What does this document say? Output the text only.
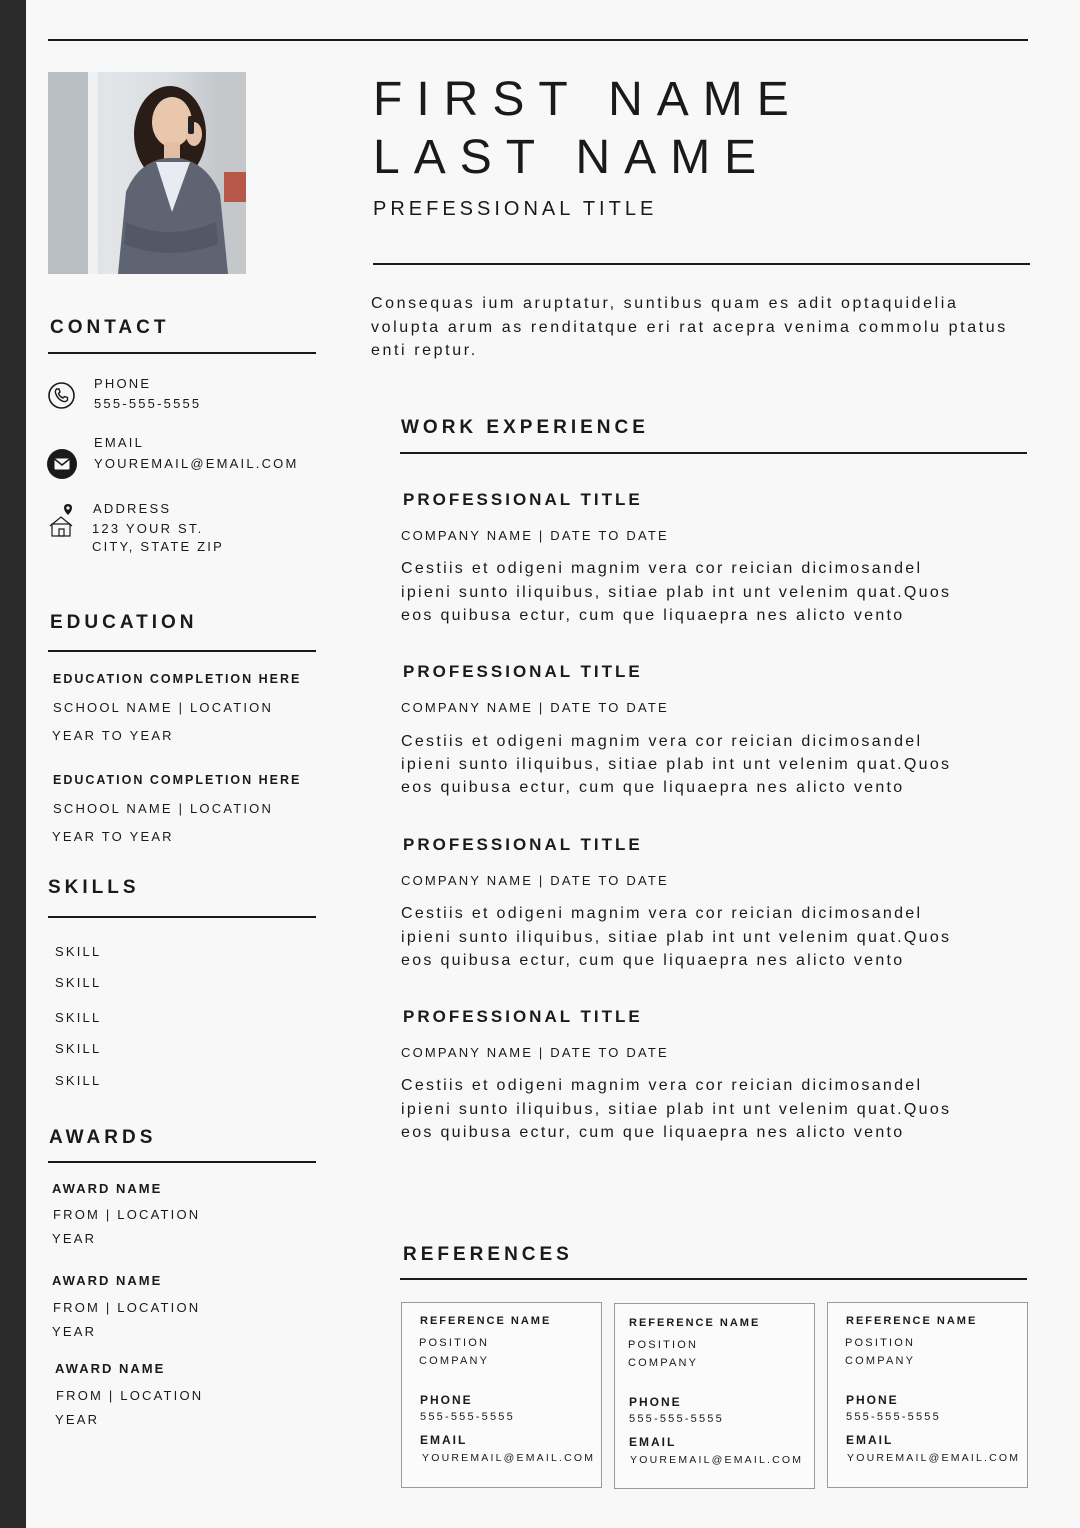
FIRST NAME
LAST NAME
PREFESSIONAL TITLE
Consequas ium aruptatur, suntibus quam es adit optaquidelia volupta arum as renditatque eri rat acepra venima commolu ptatus enti reptur.
CONTACT
PHONE
555-555-5555
EMAIL
YOUREMAIL@EMAIL.COM
ADDRESS
123 YOUR ST.
CITY, STATE ZIP
EDUCATION
EDUCATION COMPLETION HERE
SCHOOL NAME | LOCATION
YEAR TO YEAR
EDUCATION COMPLETION HERE
SCHOOL NAME | LOCATION
YEAR TO YEAR
SKILLS
SKILL
SKILL
SKILL
SKILL
SKILL
AWARDS
AWARD NAME
FROM | LOCATION
YEAR
AWARD NAME
FROM | LOCATION
YEAR
AWARD NAME
FROM | LOCATION
YEAR
WORK EXPERIENCE
PROFESSIONAL TITLE
COMPANY NAME | DATE TO DATE
Cestiis et odigeni magnim vera cor reician dicimosandel
ipieni sunto iliquibus, sitiae plab int unt velenim quat.Quos
eos quibusa ectur, cum que liquaepra nes alicto vento
PROFESSIONAL TITLE
COMPANY NAME | DATE TO DATE
Cestiis et odigeni magnim vera cor reician dicimosandel
ipieni sunto iliquibus, sitiae plab int unt velenim quat.Quos
eos quibusa ectur, cum que liquaepra nes alicto vento
PROFESSIONAL TITLE
COMPANY NAME | DATE TO DATE
Cestiis et odigeni magnim vera cor reician dicimosandel
ipieni sunto iliquibus, sitiae plab int unt velenim quat.Quos
eos quibusa ectur, cum que liquaepra nes alicto vento
PROFESSIONAL TITLE
COMPANY NAME | DATE TO DATE
Cestiis et odigeni magnim vera cor reician dicimosandel
ipieni sunto iliquibus, sitiae plab int unt velenim quat.Quos
eos quibusa ectur, cum que liquaepra nes alicto vento
REFERENCES
REFERENCE NAME
POSITION
COMPANY
PHONE
555-555-5555
EMAIL
YOUREMAIL@EMAIL.COM
REFERENCE NAME
POSITION
COMPANY
PHONE
555-555-5555
EMAIL
YOUREMAIL@EMAIL.COM
REFERENCE NAME
POSITION
COMPANY
PHONE
555-555-5555
EMAIL
YOUREMAIL@EMAIL.COM
